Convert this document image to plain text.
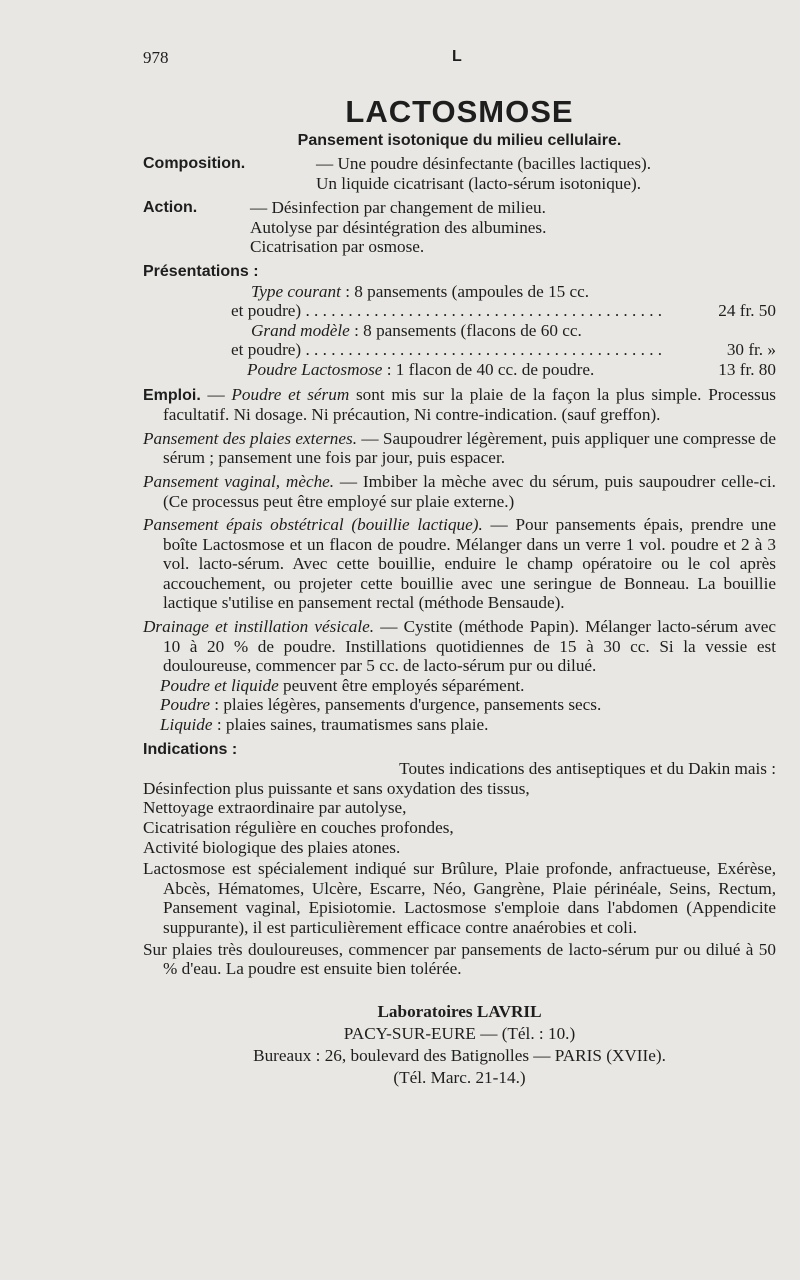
978	L
LACTOSMOSE

Pansement isotonique du milieu cellulaire.

Composition.	— Une poudre désinfectante (bacilles lactiques).
Un liquide cicatrisant (lacto-sérum isotonique).
Action.	— Désinfection par changement de milieu.
Autolyse par désintégration des albumines.
Cicatrisation par osmose.
Présentations :
Type courant : 8 pansements (ampoules de 15 cc.
et poudre) . . .	24 fr. 50
Grand modèle : 8 pansements (flacons de 60 cc.
et poudre) . . .	30 fr. »
Poudre Lactosmose : 1 flacon de 40 cc. de poudre.	13 fr. 80
Emploi. — Poudre et sérum sont mis sur la plaie de la façon la plus simple. Processus facultatif. Ni dosage. Ni précaution, Ni contre-indication. (sauf greffon).
Pansement des plaies externes. — Saupoudrer légèrement, puis appliquer une compresse de sérum ; pansement une fois par jour, puis espacer.
Pansement vaginal, mèche. — Imbiber la mèche avec du sérum, puis saupoudrer celle-ci. (Ce processus peut être employé sur plaie externe.)
Pansement épais obstétrical (bouillie lactique). — Pour pansements épais, prendre une boîte Lactosmose et un flacon de poudre. Mélanger dans un verre 1 vol. poudre et 2 à 3 vol. lacto-sérum. Avec cette bouillie, enduire le champ opératoire ou le col après accouchement, ou projeter cette bouillie avec une seringue de Bonneau. La bouillie lactique s'utilise en pansement rectal (méthode Bensaude).
Drainage et instillation vésicale. — Cystite (méthode Papin). Mélanger lacto-sérum avec 10 à 20 % de poudre. Instillations quotidiennes de 15 à 30 cc. Si la vessie est douloureuse, commencer par 5 cc. de lacto-sérum pur ou dilué.
Poudre et liquide peuvent être employés séparément.
Poudre : plaies légères, pansements d'urgence, pansements secs.
Liquide : plaies saines, traumatismes sans plaie.
Indications :
Toutes indications des antiseptiques et du Dakin mais :
Désinfection plus puissante et sans oxydation des tissus,
Nettoyage extraordinaire par autolyse,
Cicatrisation régulière en couches profondes,
Activité biologique des plaies atones.
Lactosmose est spécialement indiqué sur Brûlure, Plaie profonde, anfractueuse, Exérèse, Abcès, Hématomes, Ulcère, Escarre, Néo, Gangrène, Plaie périnéale, Seins, Rectum, Pansement vaginal, Episiotomie. Lactosmose s'emploie dans l'abdomen (Appendicite suppurante), il est particulièrement efficace contre anaérobies et coli.
Sur plaies très douloureuses, commencer par pansements de lacto-sérum pur ou dilué à 50 % d'eau. La poudre est ensuite bien tolérée.
Laboratoires LAVRIL
PACY-SUR-EURE — (Tél. : 10.)
Bureaux : 26, boulevard des Batignolles — PARIS (XVIIe).
(Tél. Marc. 21-14.)
